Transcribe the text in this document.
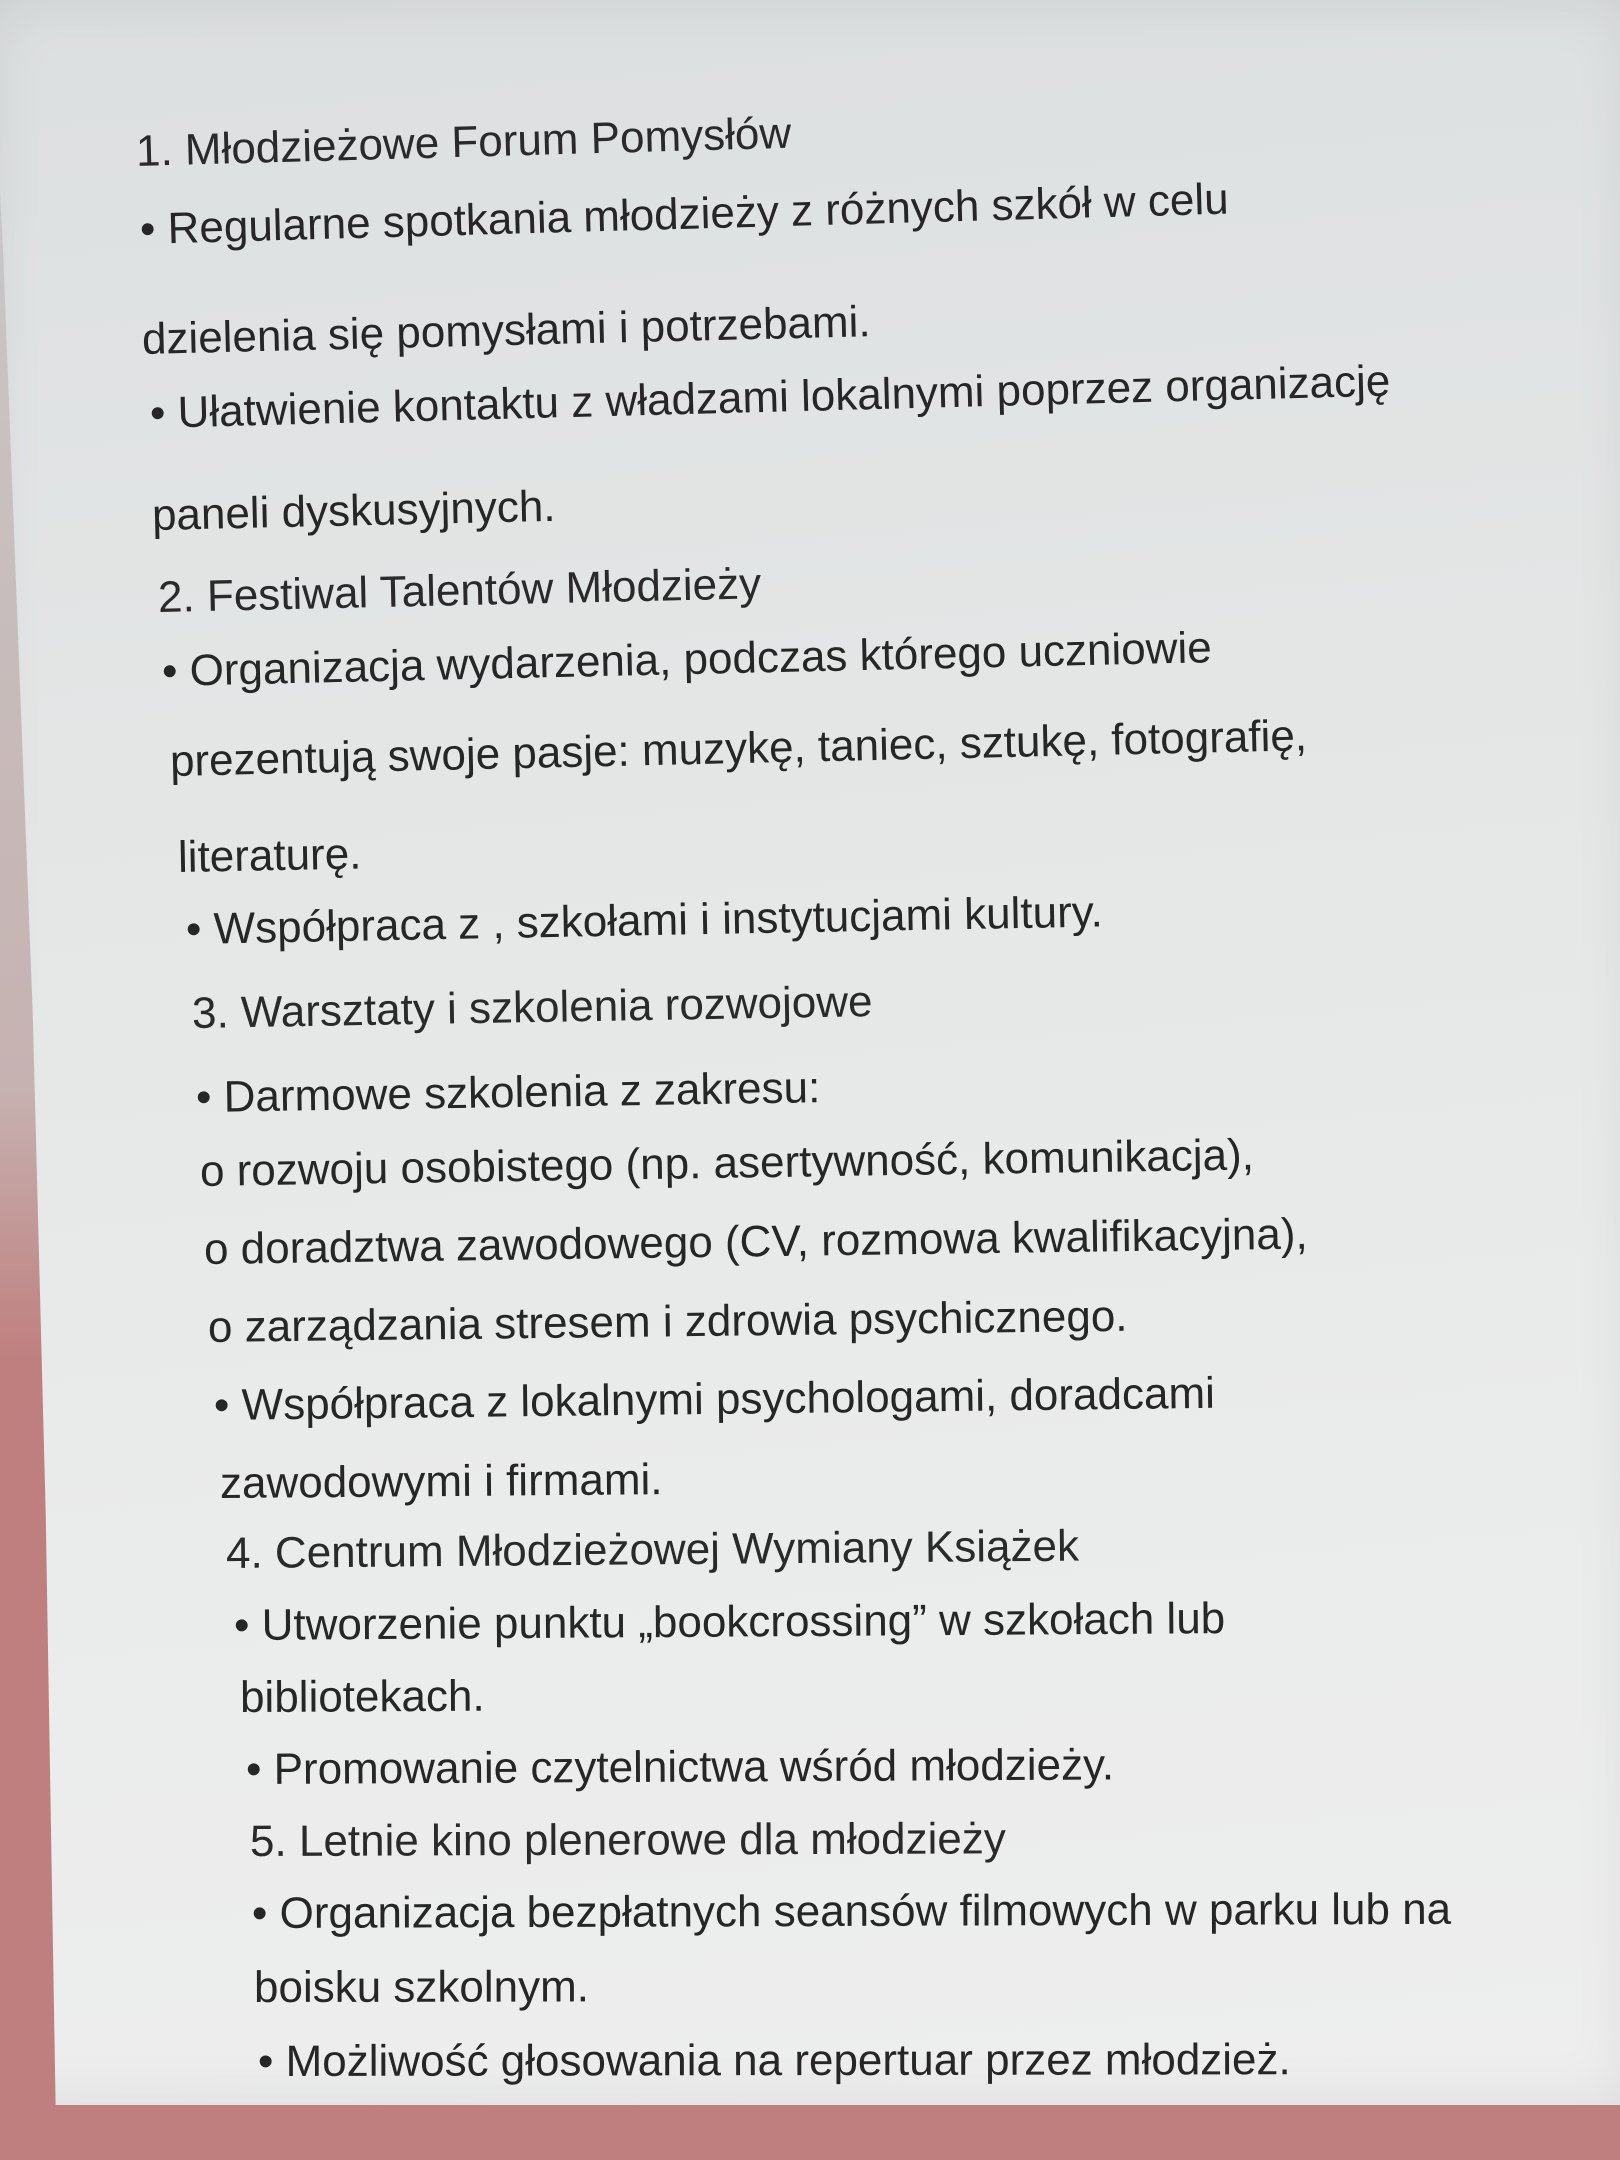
1. Młodzieżowe Forum Pomysłów
• Regularne spotkania młodzieży z różnych szkół w celu
dzielenia się pomysłami i potrzebami.
• Ułatwienie kontaktu z władzami lokalnymi poprzez organizację
paneli dyskusyjnych.
2. Festiwal Talentów Młodzieży
• Organizacja wydarzenia, podczas którego uczniowie
prezentują swoje pasje: muzykę, taniec, sztukę, fotografię,
literaturę.
• Współpraca z , szkołami i instytucjami kultury.
3. Warsztaty i szkolenia rozwojowe
• Darmowe szkolenia z zakresu:
o rozwoju osobistego (np. asertywność, komunikacja),
o doradztwa zawodowego (CV, rozmowa kwalifikacyjna),
o zarządzania stresem i zdrowia psychicznego.
• Współpraca z lokalnymi psychologami, doradcami
zawodowymi i firmami.
4. Centrum Młodzieżowej Wymiany Książek
• Utworzenie punktu „bookcrossing” w szkołach lub
bibliotekach.
• Promowanie czytelnictwa wśród młodzieży.
5. Letnie kino plenerowe dla młodzieży
• Organizacja bezpłatnych seansów filmowych w parku lub na
boisku szkolnym.
• Możliwość głosowania na repertuar przez młodzież.
